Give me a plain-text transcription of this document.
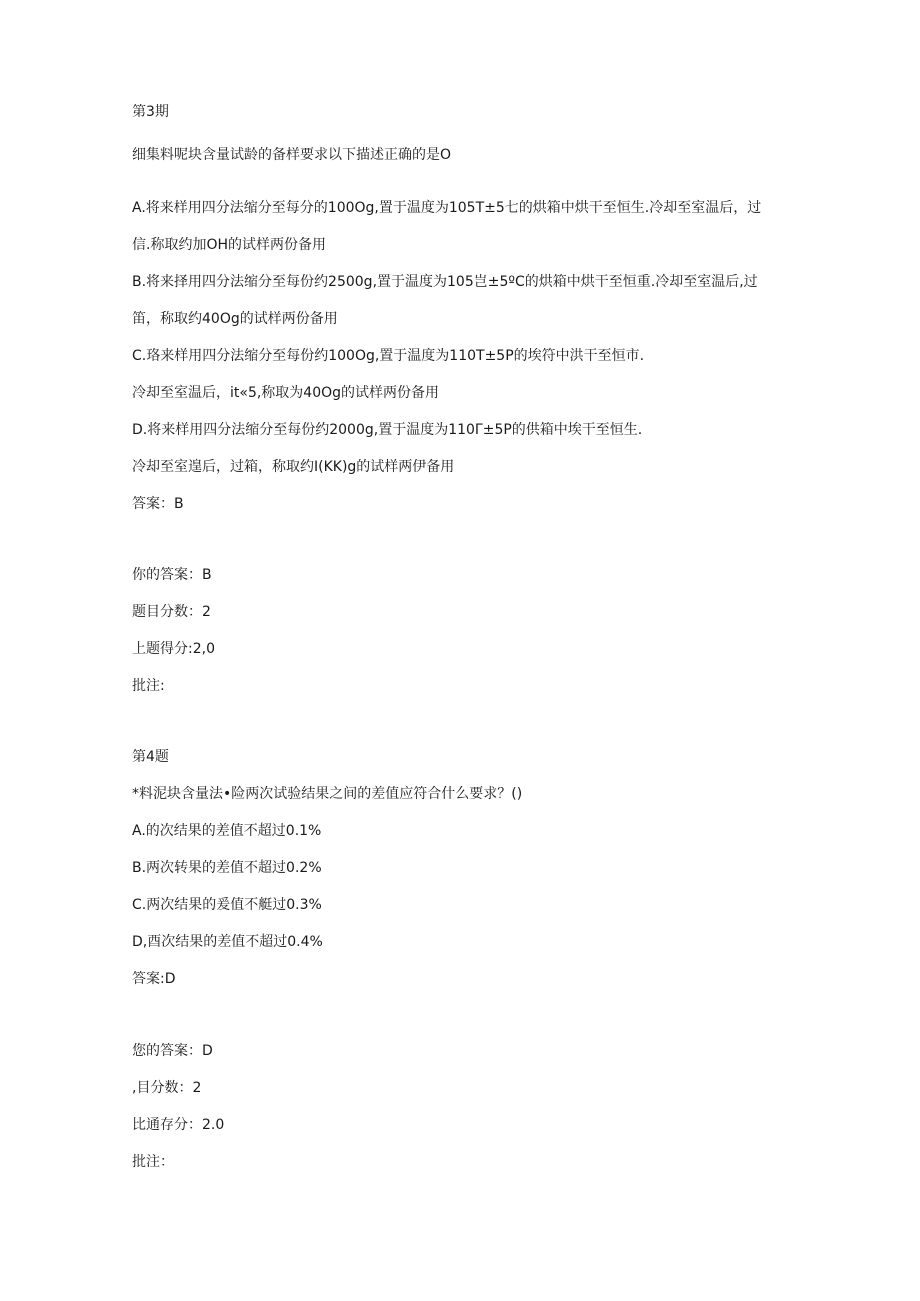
第3期
细集料呢块含量试龄的备样要求以下描述正确的是O
A.将来样用四分法缩分至每分的100Og,置于温度为105T±5七的烘箱中烘干至恒生.冷却至室温后，过
信.称取约加OH的试样两份备用
B.将来择用四分法缩分至每份约2500g,置于温度为105岂±5ºC的烘箱中烘干至恒重.冷却至室温后,过
笛，称取约40Og的试样两份备用
C.珞来样用四分法缩分至每份约100Og,置于温度为110T±5P的埃符中洪干至恒市.
冷却至室温后，it«5,称取为40Og的试样两份备用
D.将来样用四分法缩分至每份约2000g,置于温度为110Γ±5P的供箱中埃干至恒生.
冷却至室遑后，过箱，称取约I(KK)g的试样两伊备用
答案：B
你的答案：B
题目分数：2
上题得分:2,0
批注:
第4题
*料泥块含量法•险两次试验结果之间的差值应符合什么要求？()
A.的次结果的差值不超过0.1%
B.两次转果的差值不超过0.2%
C.两次结果的爰值不艇过0.3%
D,酉次结果的差值不超过0.4%
答案:D
您的答案：D
,目分数：2
比通存分：2.0
批注：
